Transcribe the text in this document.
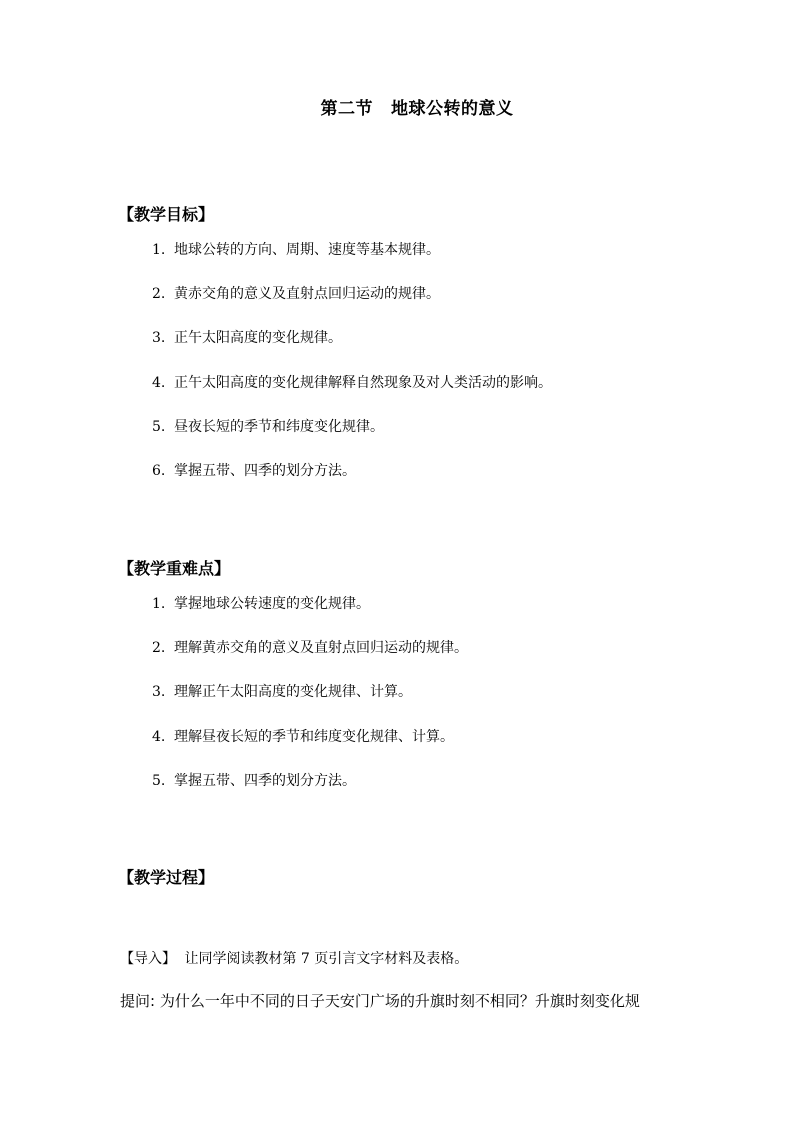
第二节 地球公转的意义
【教学目标】
1. 地球公转的方向、周期、速度等基本规律。
2. 黄赤交角的意义及直射点回归运动的规律。
3. 正午太阳高度的变化规律。
4. 正午太阳高度的变化规律解释自然现象及对人类活动的影响。
5. 昼夜长短的季节和纬度变化规律。
6. 掌握五带、四季的划分方法。
【教学重难点】
1. 掌握地球公转速度的变化规律。
2. 理解黄赤交角的意义及直射点回归运动的规律。
3. 理解正午太阳高度的变化规律、计算。
4. 理解昼夜长短的季节和纬度变化规律、计算。
5. 掌握五带、四季的划分方法。
【教学过程】
【导入】 让同学阅读教材第 7 页引言文字材料及表格。
提问: 为什么一年中不同的日子天安门广场的升旗时刻不相同？升旗时刻变化规
